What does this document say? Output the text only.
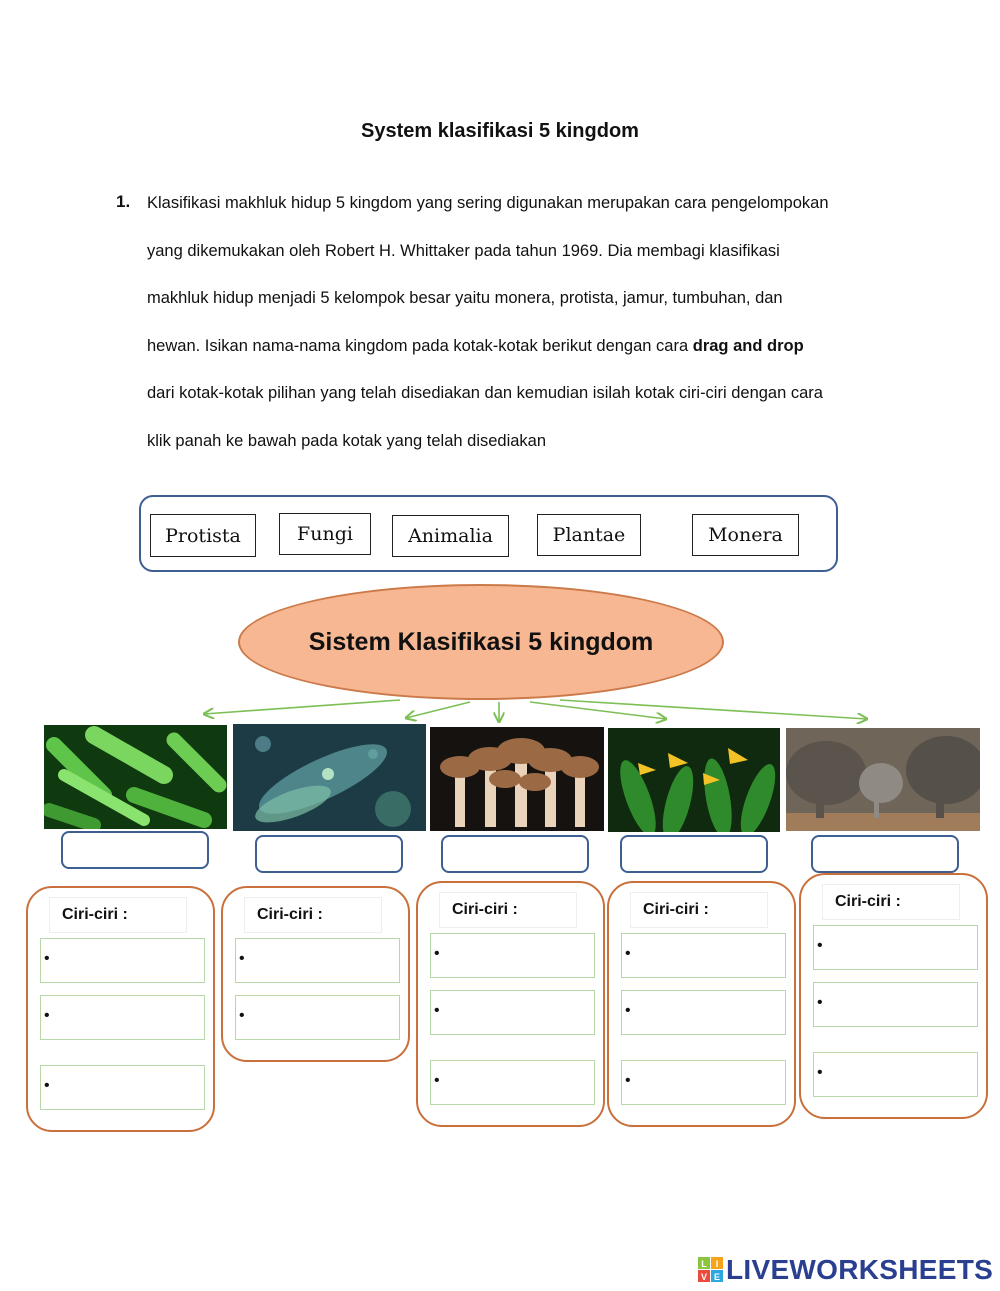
System klasifikasi 5 kingdom
1. Klasifikasi makhluk hidup 5 kingdom yang sering digunakan merupakan cara pengelompokan
yang dikemukakan oleh Robert H. Whittaker pada tahun 1969. Dia membagi klasifikasi
makhluk hidup menjadi 5 kelompok besar yaitu monera, protista, jamur, tumbuhan, dan
hewan. Isikan nama-nama kingdom pada kotak-kotak berikut dengan cara drag and drop
dari kotak-kotak pilihan yang telah disediakan dan kemudian isilah kotak ciri-ciri dengan cara
klik panah ke bawah pada kotak yang telah disediakan
Protista	Fungi	Animalia	Plantae	Monera
Sistem Klasifikasi 5 kingdom
Ciri-ciri :
•
•
•
Ciri-ciri :
•
•
Ciri-ciri :
•
•
•
Ciri-ciri :
•
•
•
Ciri-ciri :
•
•
•
L I
V E LIVEWORKSHEETS
